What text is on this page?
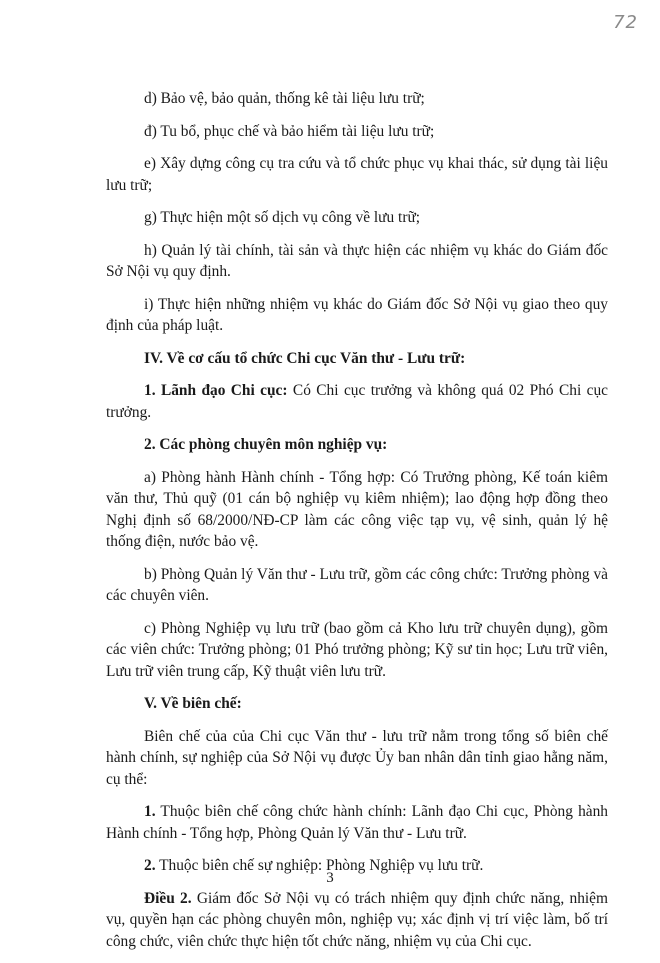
72

d) Bảo vệ, bảo quản, thống kê tài liệu lưu trữ;

đ) Tu bổ, phục chế và bảo hiểm tài liệu lưu trữ;

e) Xây dựng công cụ tra cứu và tổ chức phục vụ khai thác, sử dụng tài liệu lưu trữ;

g) Thực hiện một số dịch vụ công về lưu trữ;

h) Quản lý tài chính, tài sản và thực hiện các nhiệm vụ khác do Giám đốc Sở Nội vụ quy định.

i) Thực hiện những nhiệm vụ khác do Giám đốc Sở Nội vụ giao theo quy định của pháp luật.

IV. Về cơ cấu tổ chức Chi cục Văn thư - Lưu trữ:

1. Lãnh đạo Chi cục: Có Chi cục trưởng và không quá 02 Phó Chi cục trưởng.

2. Các phòng chuyên môn nghiệp vụ:

a) Phòng hành Hành chính - Tổng hợp: Có Trưởng phòng, Kế toán kiêm văn thư, Thủ quỹ (01 cán bộ nghiệp vụ kiêm nhiệm); lao động hợp đồng theo Nghị định số 68/2000/NĐ-CP làm các công việc tạp vụ, vệ sinh, quản lý hệ thống điện, nước bảo vệ.

b) Phòng Quản lý Văn thư - Lưu trữ, gồm các công chức: Trưởng phòng và các chuyên viên.

c) Phòng Nghiệp vụ lưu trữ (bao gồm cả Kho lưu trữ chuyên dụng), gồm các viên chức: Trưởng phòng; 01 Phó trưởng phòng; Kỹ sư tin học; Lưu trữ viên, Lưu trữ viên trung cấp, Kỹ thuật viên lưu trữ.

V. Về biên chế:

Biên chế của của Chi cục Văn thư - lưu trữ nằm trong tổng số biên chế hành chính, sự nghiệp của Sở Nội vụ được Ủy ban nhân dân tỉnh giao hằng năm, cụ thể:

1. Thuộc biên chế công chức hành chính: Lãnh đạo Chi cục, Phòng hành Hành chính - Tổng hợp, Phòng Quản lý Văn thư - Lưu trữ.

2. Thuộc biên chế sự nghiệp: Phòng Nghiệp vụ lưu trữ.

Điều 2. Giám đốc Sở Nội vụ có trách nhiệm quy định chức năng, nhiệm vụ, quyền hạn các phòng chuyên môn, nghiệp vụ; xác định vị trí việc làm, bố trí công chức, viên chức thực hiện tốt chức năng, nhiệm vụ của Chi cục.

3
